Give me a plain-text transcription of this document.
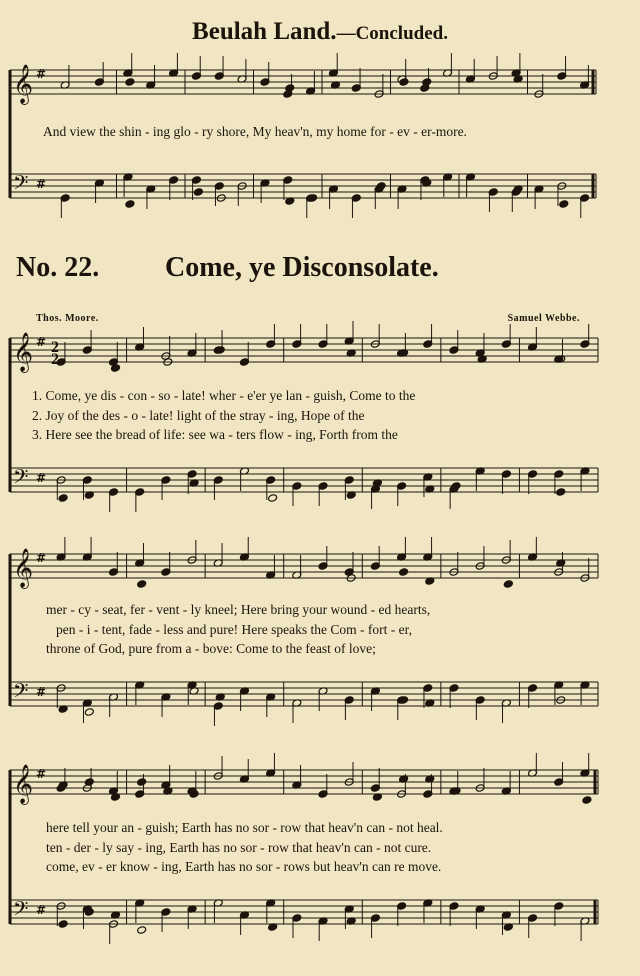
𝄞
𝄢
#
#
𝄞
𝄢
#
#
2
2
𝄞
𝄢
#
#
𝄞
𝄢
#
#
Beulah Land.—Concluded.
And view the shin - ing glo - ry shore, My heav'n, my home for - ev - er-more.
No. 22. Come, ye Disconsolate.
Thos. Moore.	Samuel Webbe.
1. Come, ye dis - con - so - late! wher - e'er ye lan - guish, Come to the
2. Joy of the des - o - late! light of the stray - ing, Hope of the
3. Here see the bread of life: see wa - ters flow - ing, Forth from the
mer - cy - seat, fer - vent - ly kneel; Here bring your wound - ed hearts,
pen - i - tent, fade - less and pure! Here speaks the Com - fort - er,
throne of God, pure from a - bove: Come to the feast of love;
here tell your an - guish; Earth has no sor - row that heav'n can - not heal.
ten - der - ly say - ing, Earth has no sor - row that heav'n can - not cure.
come, ev - er know - ing, Earth has no sor - rows but heav'n can re move.
